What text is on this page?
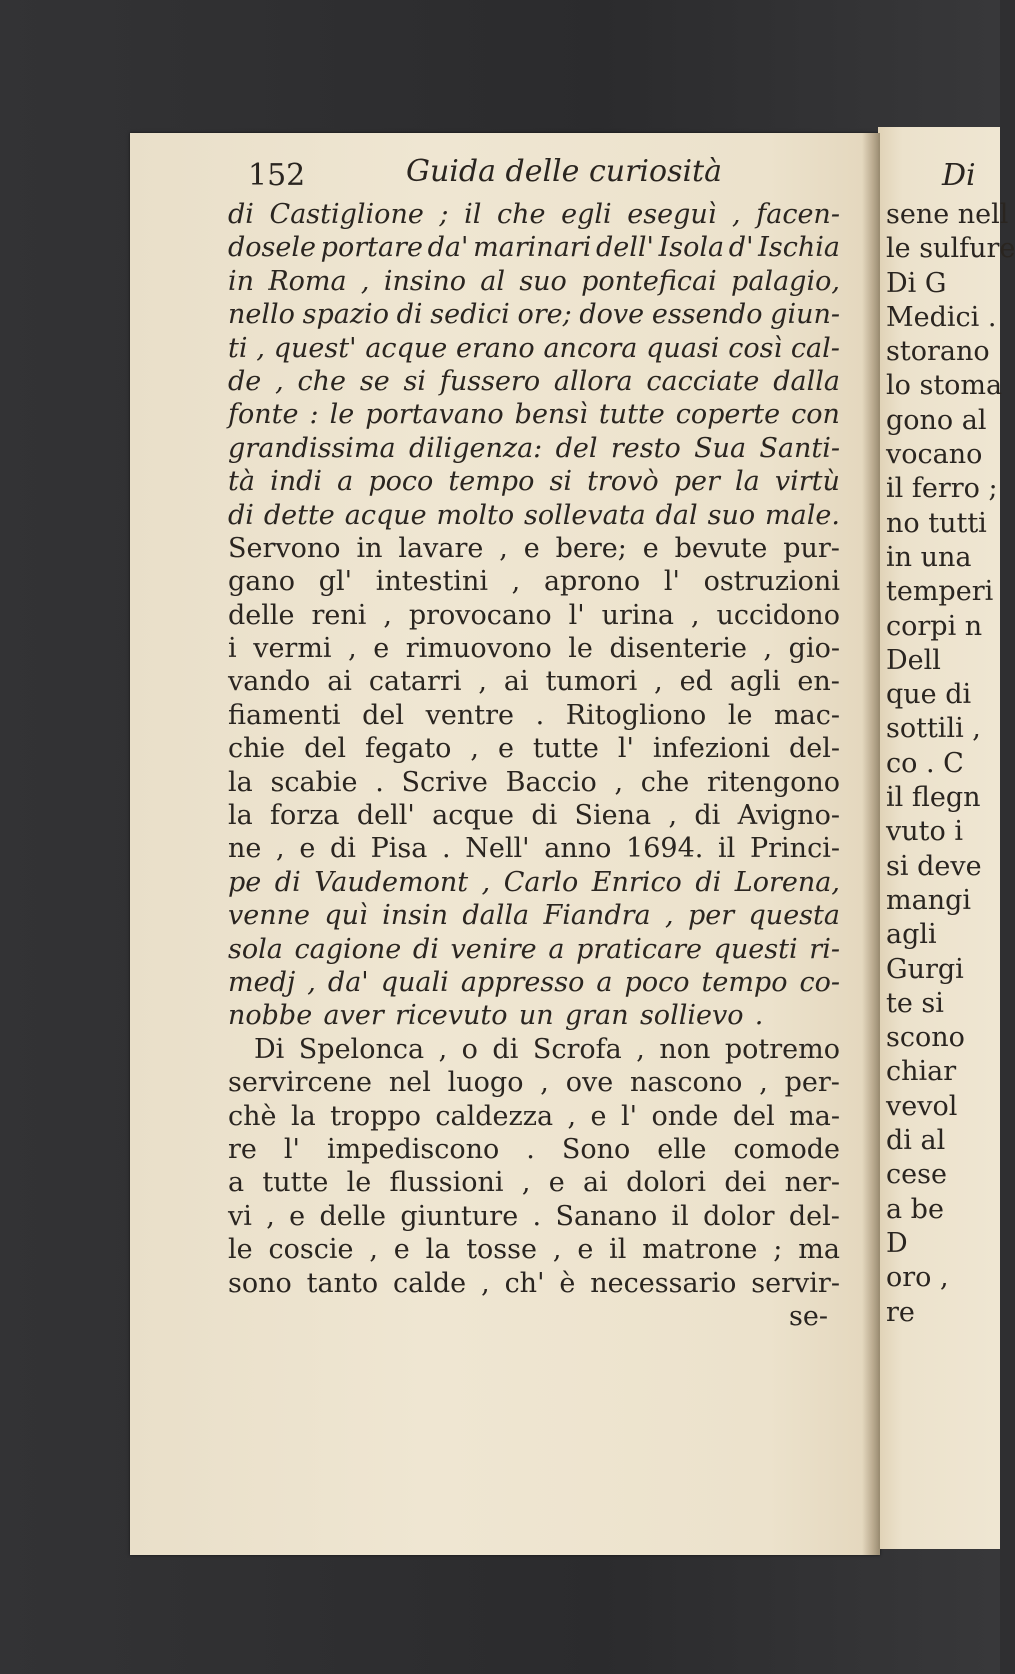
152	Guida delle curiosità
di Castiglione ; il che egli eseguì , facen-
dosele portare da' marinari dell' Isola d' Ischia
in Roma , insino al suo ponteficai palagio,
nello spazio di sedici ore; dove essendo giun-
ti , quest' acque erano ancora quasi così cal-
de , che se si fussero allora cacciate dalla
fonte : le portavano bensì tutte coperte con
grandissima diligenza: del resto Sua Santi-
tà indi a poco tempo si trovò per la virtù
di dette acque molto sollevata dal suo male.
Servono in lavare , e bere; e bevute pur-
gano gl' intestini , aprono l' ostruzioni
delle reni , provocano l' urina , uccidono
i vermi , e rimuovono le disenterie , gio-
vando ai catarri , ai tumori , ed agli en-
fiamenti del ventre . Ritogliono le mac-
chie del fegato , e tutte l' infezioni del-
la scabie . Scrive Baccio , che ritengono
la forza dell' acque di Siena , di Avigno-
ne , e di Pisa . Nell' anno 1694. il Princi-
pe di Vaudemont , Carlo Enrico di Lorena,
venne quì insin dalla Fiandra , per questa
sola cagione di venire a praticare questi ri-
medj , da' quali appresso a poco tempo co-
nobbe aver ricevuto un gran sollievo .
Di Spelonca , o di Scrofa , non potremo
servircene nel luogo , ove nascono , per-
chè la troppo caldezza , e l' onde del ma-
re l' impediscono . Sono elle comode
a tutte le flussioni , e ai dolori dei ner-
vi , e delle giunture . Sanano il dolor del-
le coscie , e la tosse , e il matrone ; ma
sono tanto calde , ch' è necessario servir-
se-
Di
sene nell
le sulfure
Di G
Medici .
storano
lo stoma
gono al
vocano
il ferro ;
no tutti
in una
temperi
corpi n
Dell
que di
sottili ,
co . C
il flegn
vuto i
si deve
mangi
agli
Gurgi
te si
scono
chiar
vevol
di al
cese
a be
D
oro ,
re
